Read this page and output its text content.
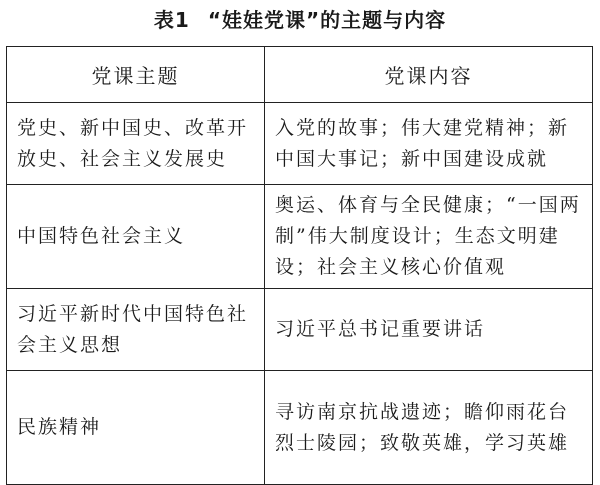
表1 “娃娃党课”的主题与内容
党课主题	党课内容
党史、新中国史、改革开放史、社会主义发展史	入党的故事；伟大建党精神；新中国大事记；新中国建设成就
中国特色社会主义	奥运、体育与全民健康；“一国两制”伟大制度设计；生态文明建设；社会主义核心价值观
习近平新时代中国特色社会主义思想	习近平总书记重要讲话
民族精神	寻访南京抗战遗迹；瞻仰雨花台烈士陵园；致敬英雄，学习英雄
